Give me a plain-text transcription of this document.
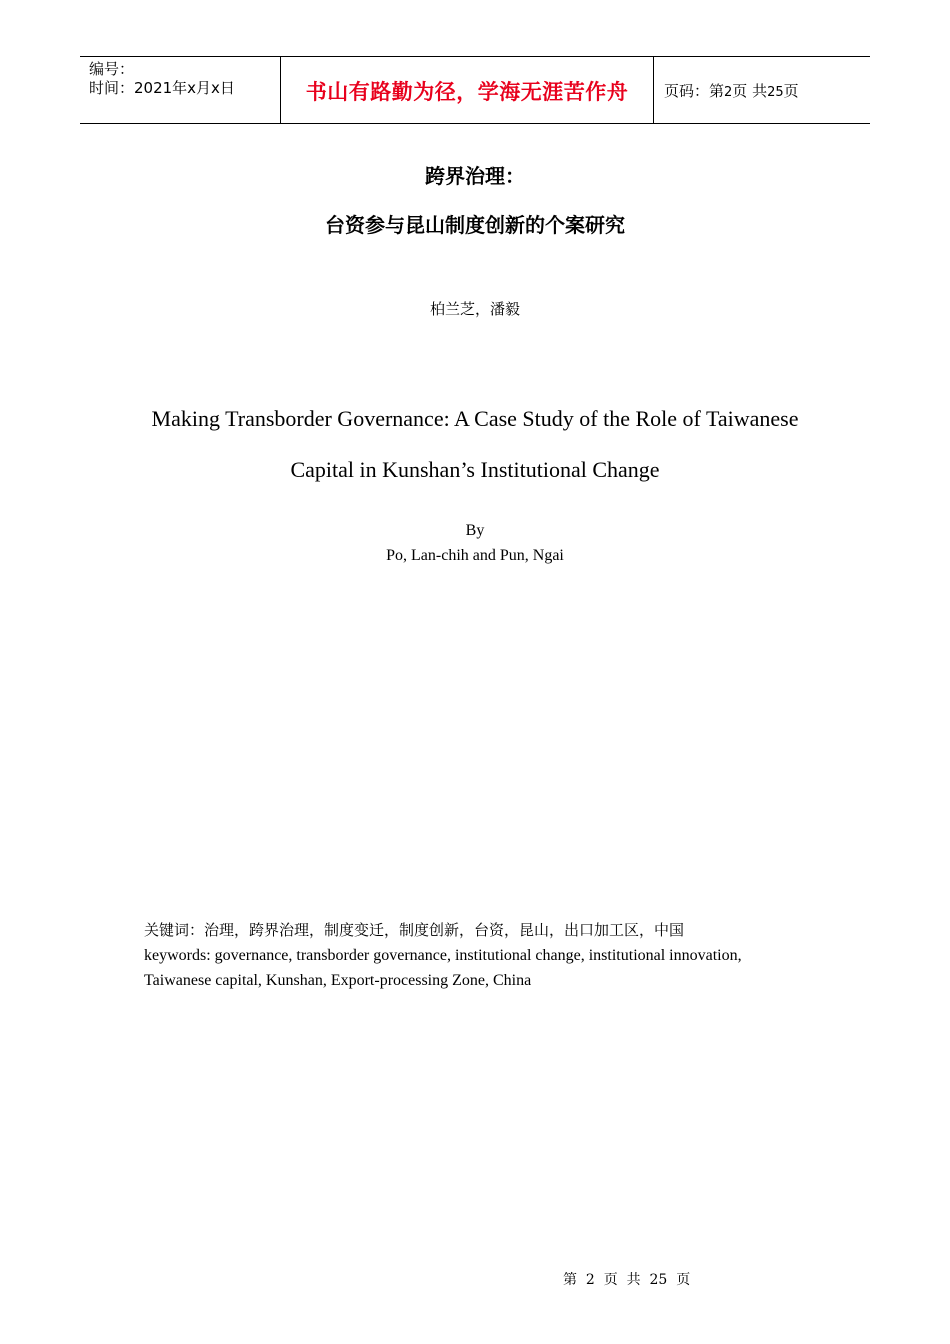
编号：
时间：2021年x月x日	书山有路勤为径，学海无涯苦作舟	页码：第2页 共25页
跨界治理：
台资参与昆山制度创新的个案研究
柏兰芝，潘毅
Making Transborder Governance: A Case Study of the Role of Taiwanese
Capital in Kunshan’s Institutional Change
By
Po, Lan-chih and Pun, Ngai
关键词：治理，跨界治理，制度变迁，制度创新，台资，昆山，出口加工区，中国
keywords: governance, transborder governance, institutional change, institutional innovation,
Taiwanese capital, Kunshan, Export-processing Zone, China
第  2  页  共  25  页
